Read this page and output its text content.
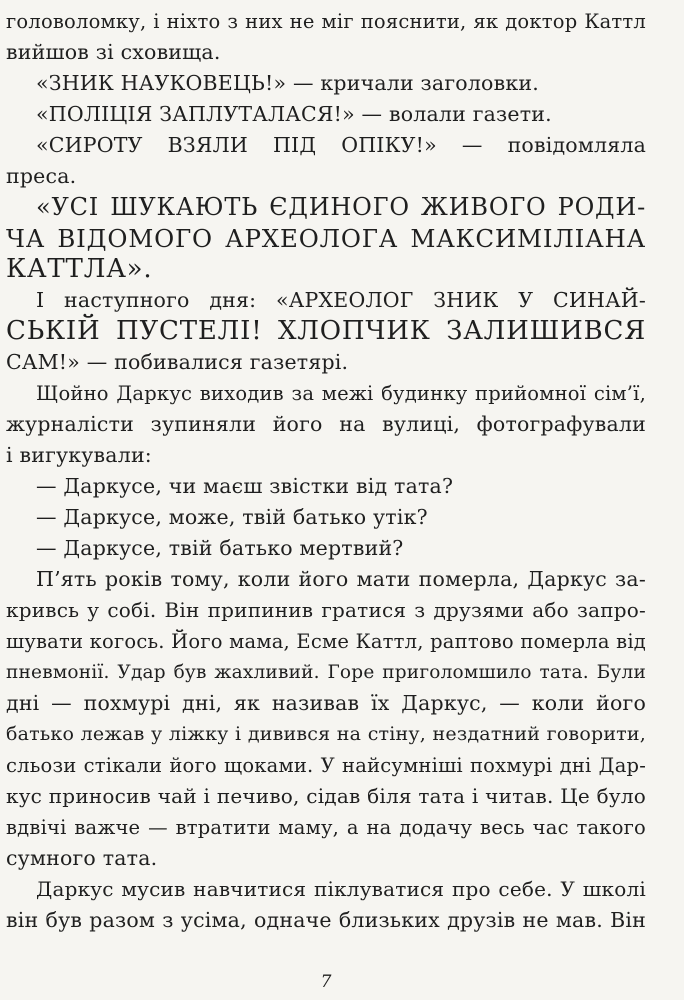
головоломку, і ніхто з них не міг пояснити, як доктор Каттл
вийшов зі сховища.
«ЗНИК НАУКОВЕЦЬ!» — кричали заголовки.
«ПОЛІЦІЯ ЗАПЛУТАЛАСЯ!» — волали газети.
«СИРОТУ ВЗЯЛИ ПІД ОПІКУ!» — повідомляла
преса.
«УСІ ШУКАЮТЬ ЄДИНОГО ЖИВОГО РОДИ-
ЧА ВІДОМОГО АРХЕОЛОГА МАКСИМІЛІАНА
КАТТЛА».
І наступного дня: «АРХЕОЛОГ ЗНИК У СИНАЙ-
СЬКІЙ ПУСТЕЛІ! ХЛОПЧИК ЗАЛИШИВСЯ
САМ!» — побивалися газетярі.
Щойно Даркус виходив за межі будинку прийомної сім’ї,
журналісти зупиняли його на вулиці, фотографували
і вигукували:
— Даркусе, чи маєш звістки від тата?
— Даркусе, може, твій батько утік?
— Даркусе, твій батько мертвий?
П’ять років тому, коли його мати померла, Даркус за-
кривсь у собі. Він припинив гратися з друзями або запро-
шувати когось. Його мама, Есме Каттл, раптово померла від
пневмонії. Удар був жахливий. Горе приголомшило тата. Були
дні — похмурі дні, як називав їх Даркус, — коли його
батько лежав у ліжку і дивився на стіну, нездатний говорити,
сльози стікали його щоками. У найсумніші похмурі дні Дар-
кус приносив чай і печиво, сідав біля тата і читав. Це було
вдвічі важче — втратити маму, а на додачу весь час такого
сумного тата.
Даркус мусив навчитися піклуватися про себе. У школі
він був разом з усіма, одначе близьких друзів не мав. Він
7
